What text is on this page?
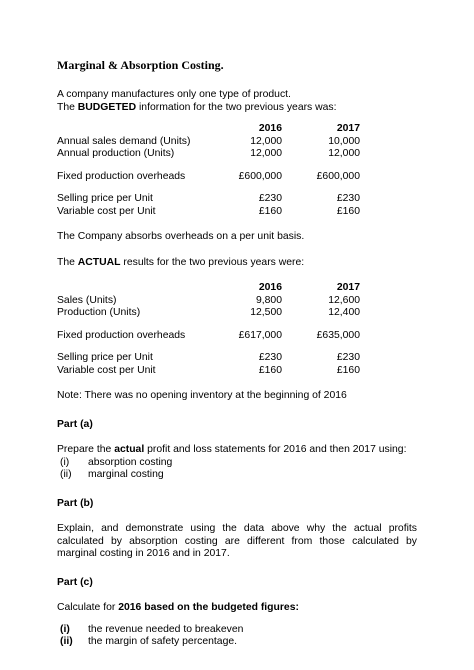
Marginal & Absorption Costing.

A company manufactures only one type of product.

The BUDGETED information for the two previous years was:

	2016	2017
Annual sales demand (Units)	12,000	10,000
Annual production (Units)	12,000	12,000

Fixed production overheads	£600,000	£600,000

Selling price per Unit	£230	£230
Variable cost per Unit	£160	£160

The Company absorbs overheads on a per unit basis.

The ACTUAL results for the two previous years were:

	2016	2017
Sales (Units)	9,800	12,600
Production (Units)	12,500	12,400

Fixed production overheads	£617,000	£635,000

Selling price per Unit	£230	£230
Variable cost per Unit	£160	£160

Note: There was no opening inventory at the beginning of 2016

Part (a)

Prepare the actual profit and loss statements for 2016 and then 2017 using:

(i)	absorption costing
(ii)	marginal costing
Part (b)

Explain, and demonstrate using the data above why the actual profits calculated by absorption costing are different from those calculated by marginal costing in 2016 and in 2017.

Part (c)

Calculate for 2016 based on the budgeted figures:

(i)	the revenue needed to breakeven
(ii)	the margin of safety percentage.
